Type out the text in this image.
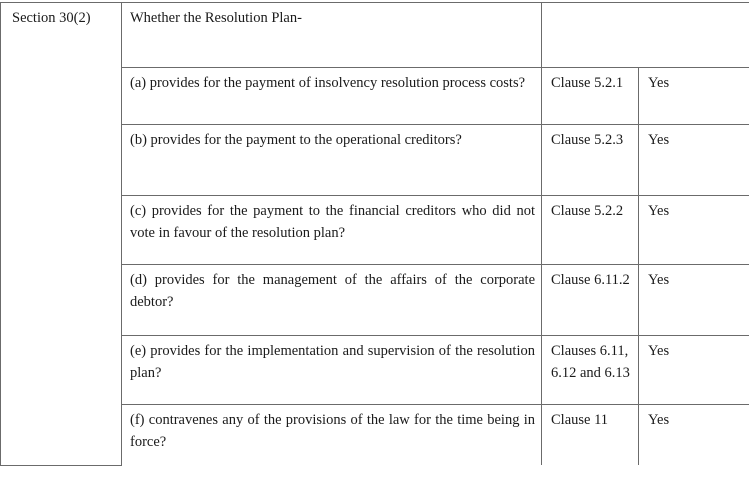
Section 30(2)	Whether the Resolution Plan-		
	(a) provides for the payment of insolvency resolution process costs?	Clause 5.2.1	Yes
	(b) provides for the payment to the operational creditors?	Clause 5.2.3	Yes
	(c) provides for the payment to the financial creditors who did not vote in favour of the resolution plan?	Clause 5.2.2	Yes
	(d) provides for the management of the affairs of the corporate debtor?	Clause 6.11.2	Yes
	(e) provides for the implementation and supervision of the resolution plan?	Clauses 6.11, 6.12 and 6.13	Yes
	(f) contravenes any of the provisions of the law for the time being in force?	Clause 11	Yes
